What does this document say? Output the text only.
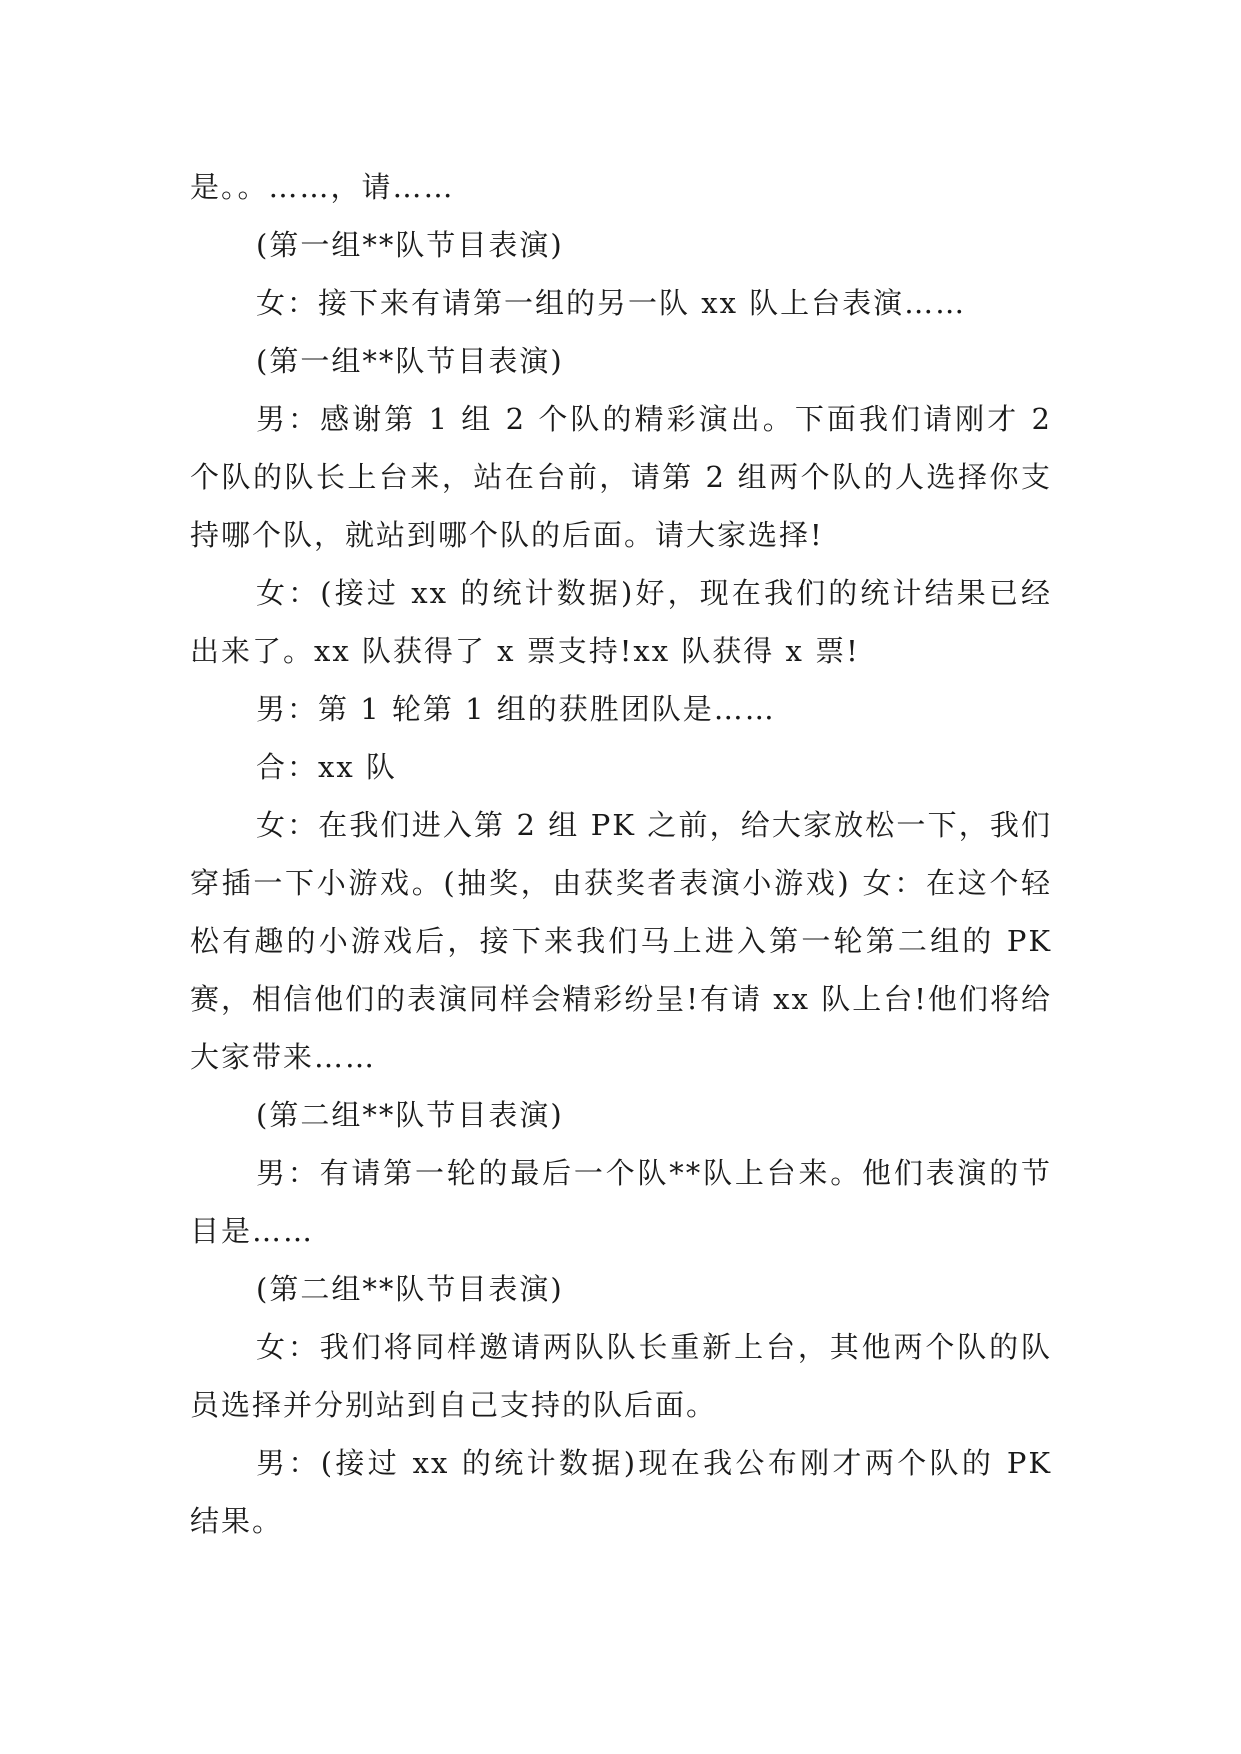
是。。……，请……

(第一组**队节目表演)

女：接下来有请第一组的另一队 xx 队上台表演……

(第一组**队节目表演)

男：感谢第 1 组 2 个队的精彩演出。下面我们请刚才 2 个队的队长上台来，站在台前，请第 2 组两个队的人选择你支持哪个队，就站到哪个队的后面。请大家选择!

女：(接过 xx 的统计数据)好，现在我们的统计结果已经出来了。xx 队获得了 x 票支持!xx 队获得 x 票!

男：第 1 轮第 1 组的获胜团队是……

合：xx 队

女：在我们进入第 2 组 PK 之前，给大家放松一下，我们穿插一下小游戏。(抽奖，由获奖者表演小游戏) 女：在这个轻松有趣的小游戏后，接下来我们马上进入第一轮第二组的 PK 赛，相信他们的表演同样会精彩纷呈!有请 xx 队上台!他们将给大家带来……

(第二组**队节目表演)

男：有请第一轮的最后一个队**队上台来。他们表演的节目是……

(第二组**队节目表演)

女：我们将同样邀请两队队长重新上台，其他两个队的队员选择并分别站到自己支持的队后面。

男：(接过 xx 的统计数据)现在我公布刚才两个队的 PK 结果。
